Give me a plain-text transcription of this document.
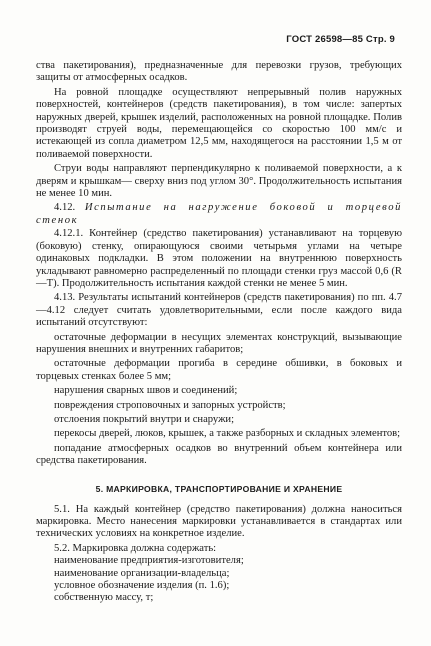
ГОСТ 26598—85 Стр. 9

ства пакетирования), предназначенные для перевозки грузов, требующих защиты от атмосферных осадков.

На ровной площадке осуществляют непрерывный полив наружных поверхностей, контейнеров (средств пакетирования), в том числе: запертых наружных дверей, крышек изделий, расположенных на ровной площадке. Полив производят струей воды, перемещающейся со скоростью 100 мм/с и истекающей из сопла диаметром 12,5 мм, находящегося на расстоянии 1,5 м от поливаемой поверхности.

Струи воды направляют перпендикулярно к поливаемой поверхности, а к дверям и крышкам— сверху вниз под углом 30°. Продолжительность испытания не менее 10 мин.

4.12. Испытание на нагружение боковой и торцевой стенок

4.12.1. Контейнер (средство пакетирования) устанавливают на торцевую (боковую) стенку, опирающуюся своими четырьмя углами на четыре одинаковых подкладки. В этом положении на внутреннюю поверхность укладывают равномерно распределенный по площади стенки груз массой 0,6 (R—T). Продолжительность испытания каждой стенки не менее 5 мин.

4.13. Результаты испытаний контейнеров (средств пакетирования) по пп. 4.7—4.12 следует считать удовлетворительными, если после каждого вида испытаний отсутствуют:

остаточные деформации в несущих элементах конструкций, вызывающие нарушения внешних и внутренних габаритов;

остаточные деформации прогиба в середине обшивки, в боковых и торцевых стенках более 5 мм;

нарушения сварных швов и соединений;

повреждения строповочных и запорных устройств;

отслоения покрытий внутри и снаружи;

перекосы дверей, люков, крышек, а также разборных и складных элементов;

попадание атмосферных осадков во внутренний объем контейнера или средства пакетирования.

5. МАРКИРОВКА, ТРАНСПОРТИРОВАНИЕ И ХРАНЕНИЕ

5.1. На каждый контейнер (средство пакетирования) должна наноситься маркировка. Место нанесения маркировки устанавливается в стандартах или технических условиях на конкретное изделие.

5.2. Маркировка должна содержать:

наименование предприятия-изготовителя;

наименование организации-владельца;

условное обозначение изделия (п. 1.6);

собственную массу, т;
